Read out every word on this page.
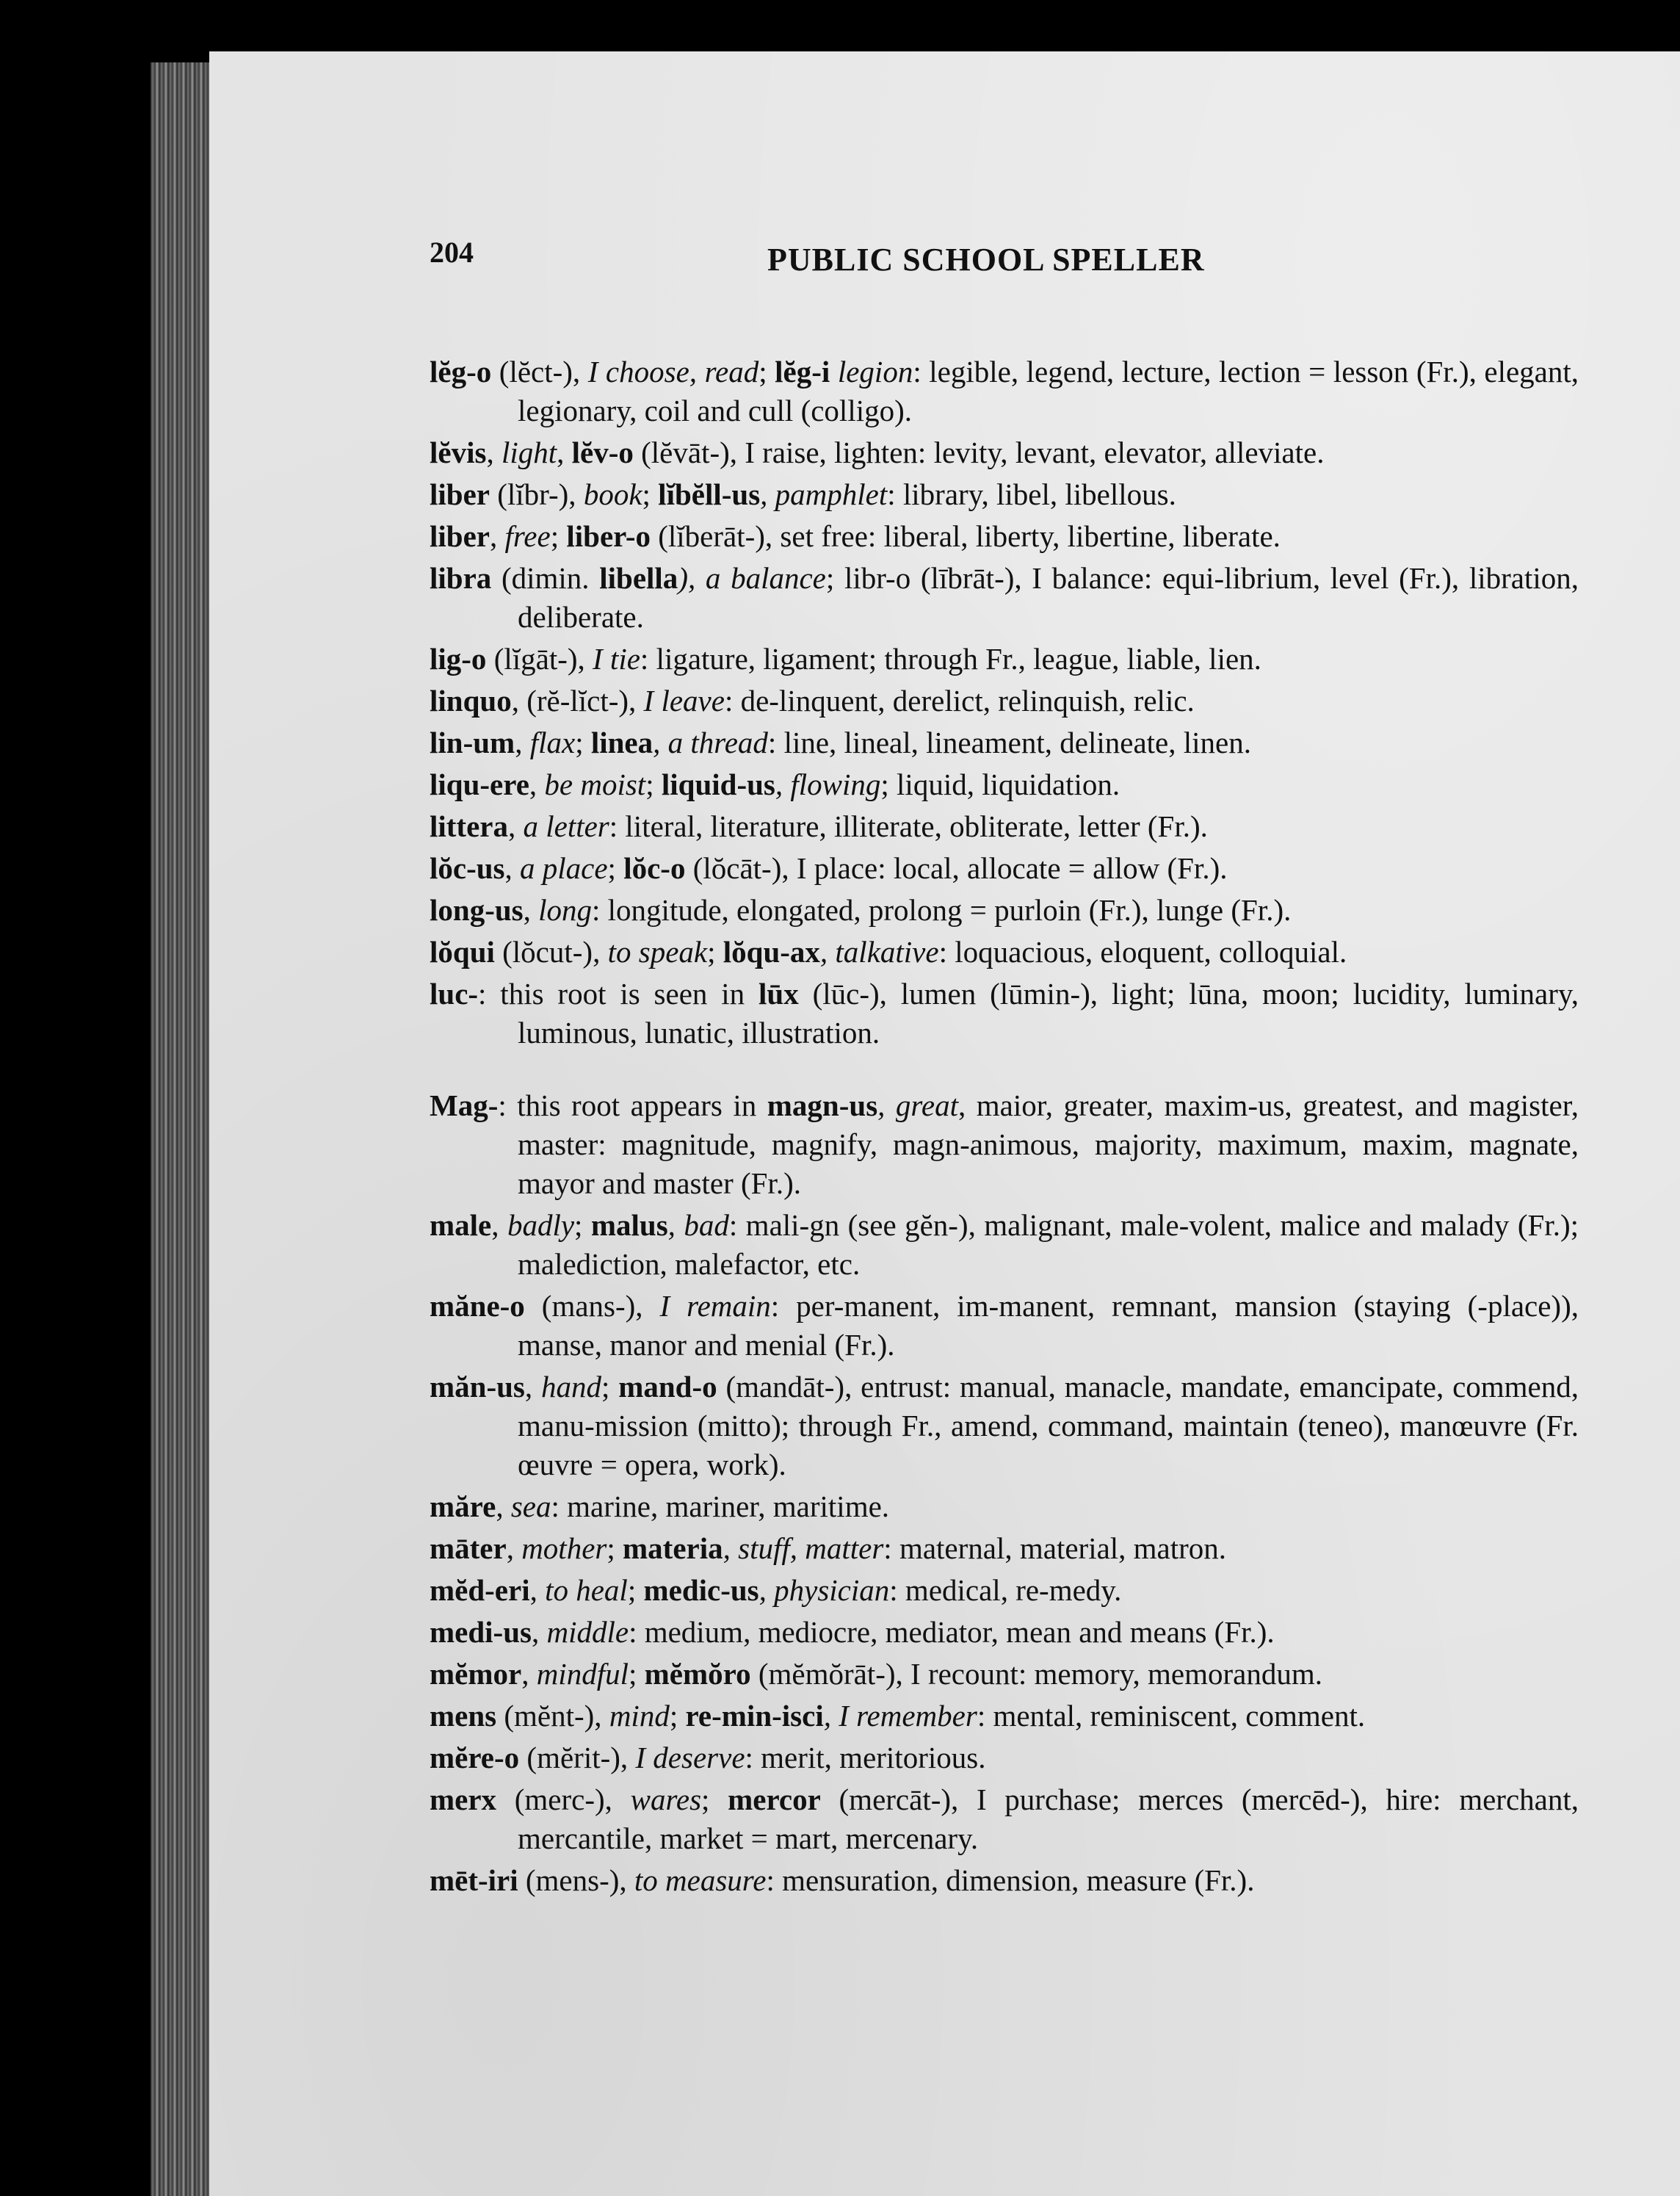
204	PUBLIC SCHOOL SPELLER

lĕg-o (lĕct-), I choose, read; lĕg-i legion: legible, legend, lecture, lection = lesson (Fr.), elegant, legionary, coil and cull (colligo).

lĕvis, light, lĕv-o (lĕvāt-), I raise, lighten: levity, levant, elevator, alleviate.

liber (lĭbr-), book; lĭbĕll-us, pamphlet: library, libel, libellous.

liber, free; liber-o (lĭberāt-), set free: liberal, liberty, libertine, liberate.

libra (dimin. libella), a balance; libr-o (lībrāt-), I balance: equi-librium, level (Fr.), libration, deliberate.

lig-o (lĭgāt-), I tie: ligature, ligament; through Fr., league, liable, lien.

linquo, (rĕ-lĭct-), I leave: de-linquent, derelict, relinquish, relic.

lin-um, flax; linea, a thread: line, lineal, lineament, delineate, linen.

liqu-ere, be moist; liquid-us, flowing; liquid, liquidation.

littera, a letter: literal, literature, illiterate, obliterate, letter (Fr.).

lŏc-us, a place; lŏc-o (lŏcāt-), I place: local, allocate = allow (Fr.).

long-us, long: longitude, elongated, prolong = purloin (Fr.), lunge (Fr.).

lŏqui (lŏcut-), to speak; lŏqu-ax, talkative: loquacious, eloquent, colloquial.

luc-: this root is seen in lūx (lūc-), lumen (lūmin-), light; lūna, moon; lucidity, luminary, luminous, lunatic, illustration.

Mag-: this root appears in magn-us, great, maior, greater, maxim-us, greatest, and magister, master: magnitude, magnify, magn-animous, majority, maximum, maxim, magnate, mayor and master (Fr.).

male, badly; malus, bad: mali-gn (see gĕn-), malignant, male-volent, malice and malady (Fr.); malediction, malefactor, etc.

mănе-o (mans-), I remain: per-manent, im-manent, remnant, mansion (staying (-place)), manse, manor and menial (Fr.).

măn-us, hand; mand-o (mandāt-), entrust: manual, manacle, mandate, emancipate, commend, manu-mission (mitto); through Fr., amend, command, maintain (teneo), manœuvre (Fr. œuvre = opera, work).

măre, sea: marine, mariner, maritime.

māter, mother; materia, stuff, matter: maternal, material, matron.

mĕd-eri, to heal; medic-us, physician: medical, re-medy.

medi-us, middle: medium, mediocre, mediator, mean and means (Fr.).

mĕmor, mindful; mĕmŏro (mĕmŏrāt-), I recount: memory, memorandum.

mens (mĕnt-), mind; re-min-isci, I remember: mental, reminiscent, comment.

mĕre-o (mĕrit-), I deserve: merit, meritorious.

merx (merc-), wares; mercor (mercāt-), I purchase; merces (mercēd-), hire: merchant, mercantile, market = mart, mercenary.

mēt-iri (mens-), to measure: mensuration, dimension, measure (Fr.).
